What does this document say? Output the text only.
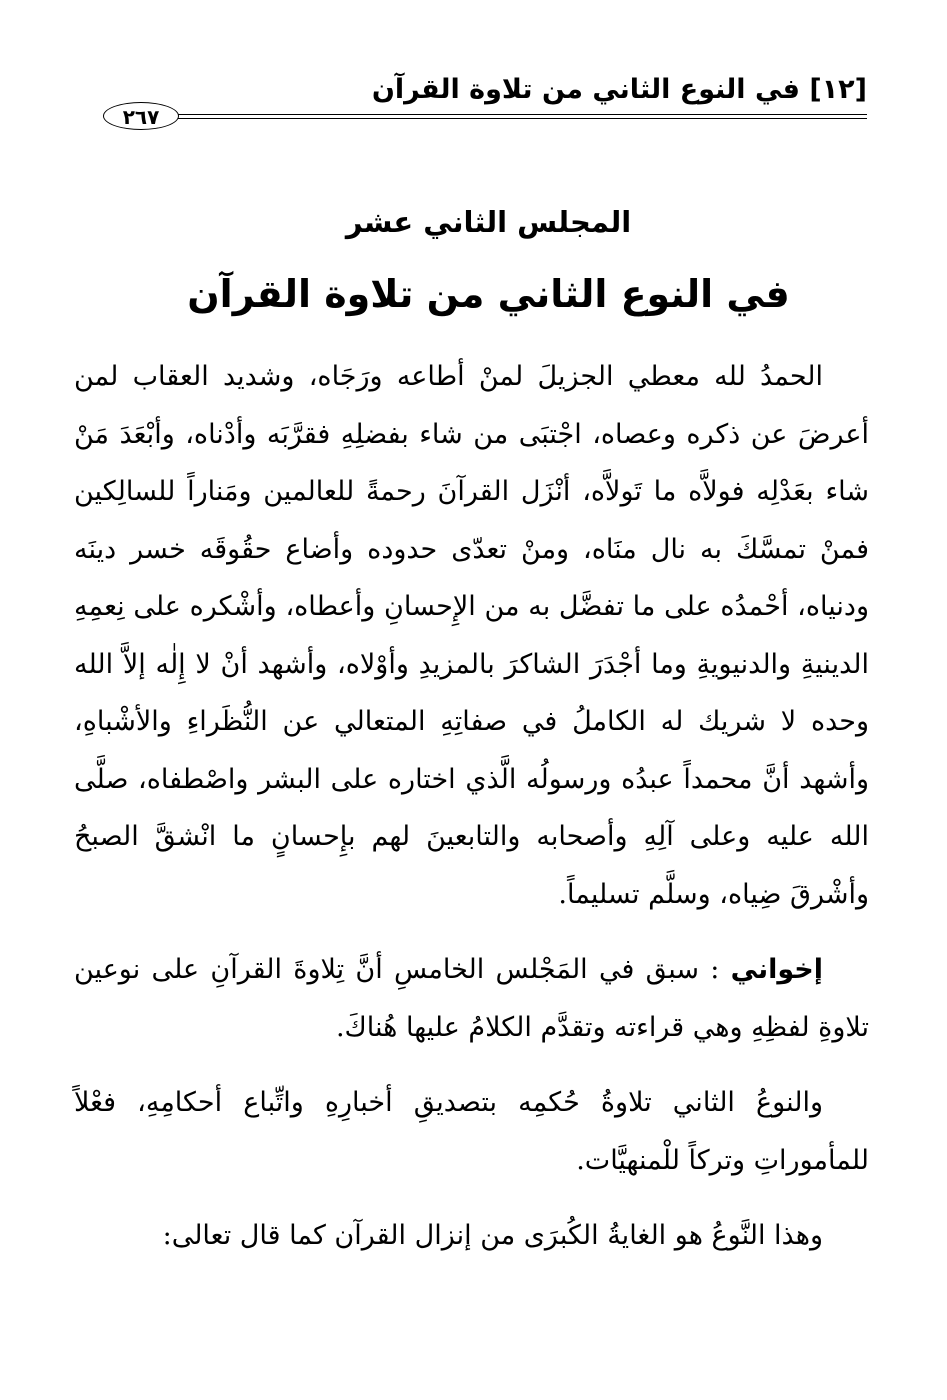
[١٢] في النوع الثاني من تلاوة القرآن
٢٦٧
المجلس الثاني عشر
في النوع الثاني من تلاوة القرآن

الحمدُ لله معطي الجزيلَ لمنْ أطاعه ورَجَاه، وشديد العقاب لمن أعرضَ عن ذكره وعصاه، اجْتبَى من شاء بفضلِهِ فقرَّبَه وأدْناه، وأبْعَدَ مَنْ شاء بعَدْلِه فولاَّه ما تَولاَّه، أنْزَل القرآنَ رحمةً للعالمين ومَناراً للسالِكين فمنْ تمسَّكَ به نال منَاه، ومنْ تعدّى حدوده وأضاع حقُوقَه خسر دينَه ودنياه، أحْمدُه على ما تفضَّل به من الإِحسانِ وأعطاه، وأشْكره على نِعمِهِ الدينيةِ والدنيويةِ وما أجْدَرَ الشاكرَ بالمزيدِ وأوْلاه، وأشهد أنْ لا إِلٰه إلاَّ الله وحده لا شريك له الكاملُ في صفاتِهِ المتعالي عن النُّظَراءِ والأشْباهِ، وأشهد أنَّ محمداً عبدُه ورسولُه الَّذي اختاره على البشر واصْطفاه، صلَّى الله عليه وعلى آلِهِ وأصحابه والتابعينَ لهم بإِحسانٍ ما انْشقَّ الصبحُ وأشْرقَ ضِياه، وسلَّم تسليماً.

إخواني : سبق في المَجْلس الخامسِ أنَّ تِلاوةَ القرآنِ على نوعين تلاوةِ لفظِهِ وهي قراءته وتقدَّم الكلامُ عليها هُناكَ.

والنوعُ الثاني تلاوةُ حُكمِه بتصديقِ أخبارِهِ واتِّباع أحكامِهِ، فعْلاً للمأموراتِ وتركاً للْمنهيَّات.

وهذا النَّوعُ هو الغايةُ الكُبرَى من إنزال القرآن كما قال تعالى:
